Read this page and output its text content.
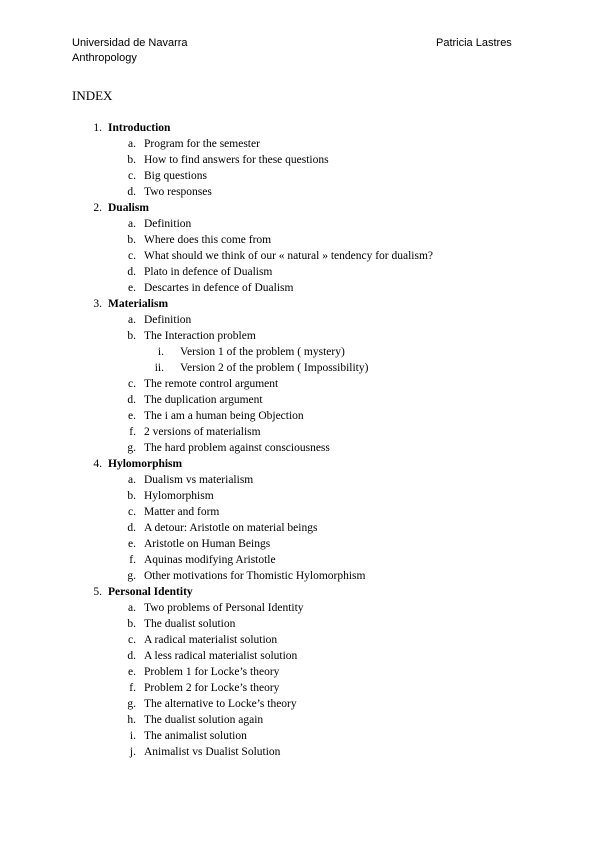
Universidad de Navarra	Patricia Lastres
Anthropology
INDEX
1. Introduction
a. Program for the semester
b. How to find answers for these questions
c. Big questions
d. Two responses
2. Dualism
a. Definition
b. Where does this come from
c. What should we think of our « natural » tendency for dualism?
d. Plato in defence of Dualism
e. Descartes in defence of Dualism
3. Materialism
a. Definition
b. The Interaction problem
i. Version 1 of the problem ( mystery)
ii. Version 2 of the problem ( Impossibility)
c. The remote control argument
d. The duplication argument
e. The i am a human being Objection
f. 2 versions of materialism
g. The hard problem against consciousness
4. Hylomorphism
a. Dualism vs materialism
b. Hylomorphism
c. Matter and form
d. A detour: Aristotle on material beings
e. Aristotle on Human Beings
f. Aquinas modifying Aristotle
g. Other motivations for Thomistic Hylomorphism
5. Personal Identity
a. Two problems of Personal Identity
b. The dualist solution
c. A radical materialist solution
d. A less radical materialist solution
e. Problem 1 for Locke’s theory
f. Problem 2 for Locke’s theory
g. The alternative to Locke’s theory
h. The dualist solution again
i. The animalist solution
j. Animalist vs Dualist Solution
